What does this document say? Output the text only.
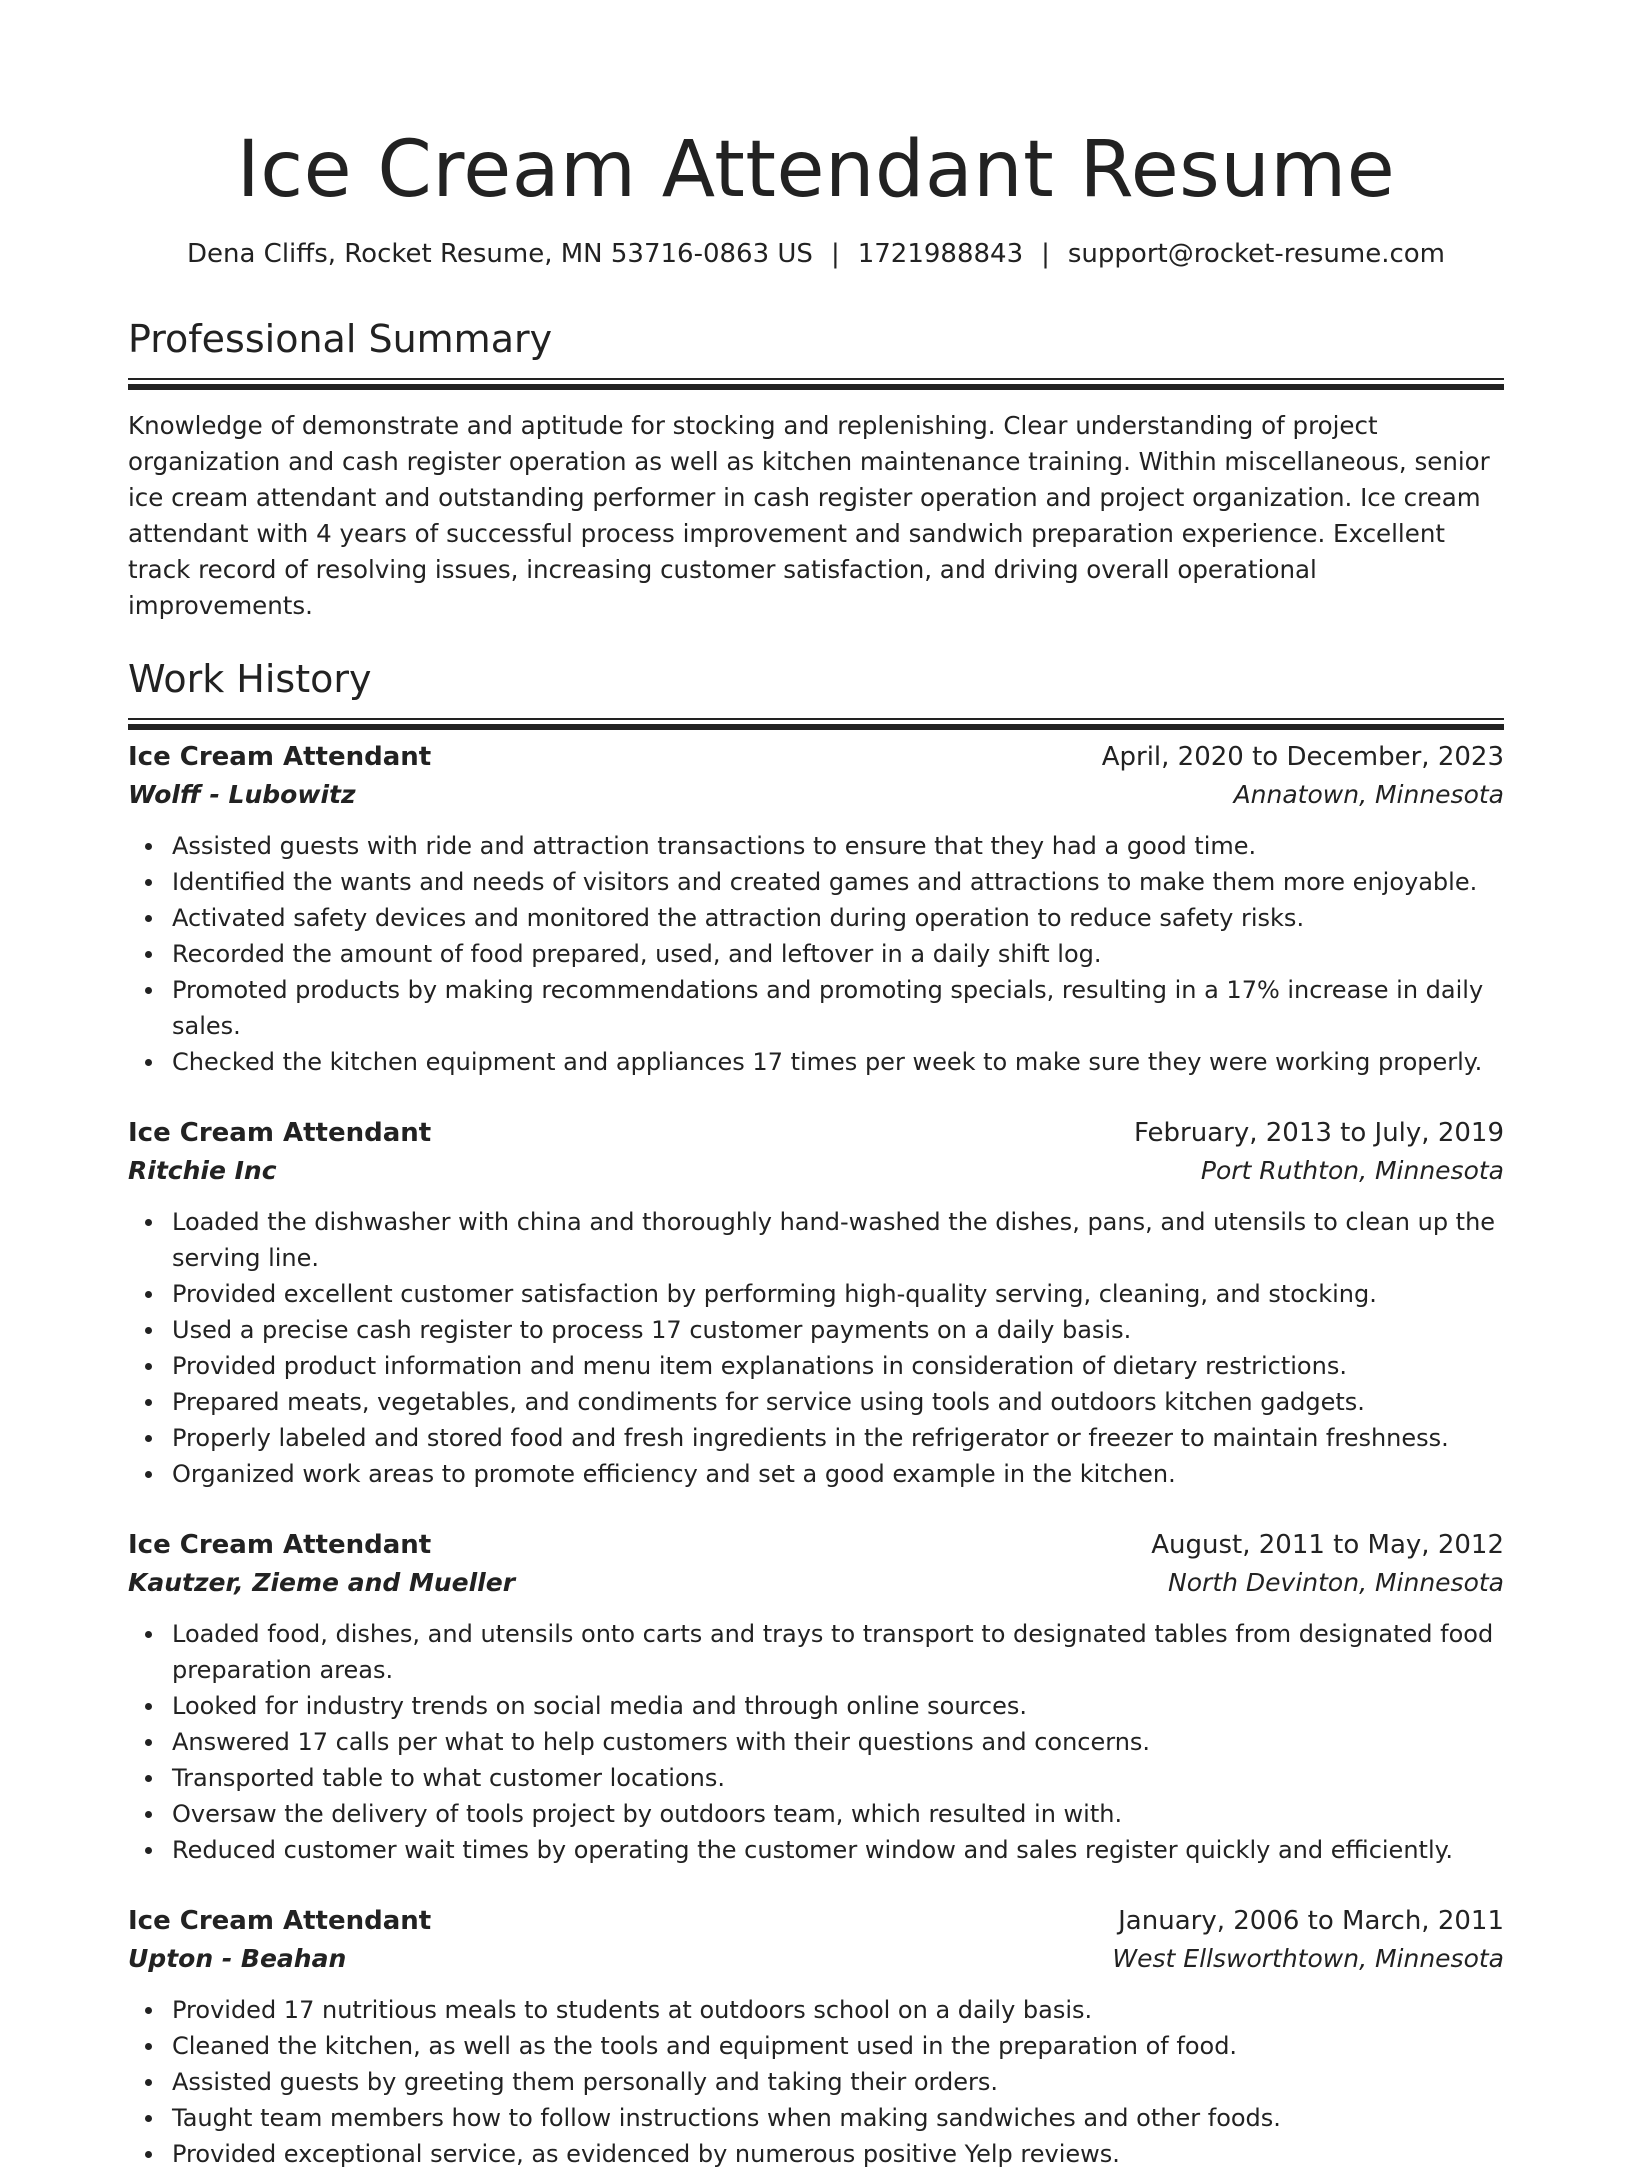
Ice Cream Attendant Resume
Dena Cliffs, Rocket Resume, MN 53716-0863 US | 1721988843 | support@rocket-resume.com
Professional Summary

Knowledge of demonstrate and aptitude for stocking and replenishing. Clear understanding of project organization and cash register operation as well as kitchen maintenance training. Within miscellaneous, senior ice cream attendant and outstanding performer in cash register operation and project organization. Ice cream attendant with 4 years of successful process improvement and sandwich preparation experience. Excellent track record of resolving issues, increasing customer satisfaction, and driving overall operational improvements.

Work History
Ice Cream Attendant	April, 2020 to December, 2023
Wolff - Lubowitz	Annatown, Minnesota
Assisted guests with ride and attraction transactions to ensure that they had a good time.
Identified the wants and needs of visitors and created games and attractions to make them more enjoyable.
Activated safety devices and monitored the attraction during operation to reduce safety risks.
Recorded the amount of food prepared, used, and leftover in a daily shift log.
Promoted products by making recommendations and promoting specials, resulting in a 17% increase in daily sales.
Checked the kitchen equipment and appliances 17 times per week to make sure they were working properly.
Ice Cream Attendant	February, 2013 to July, 2019
Ritchie Inc	Port Ruthton, Minnesota
Loaded the dishwasher with china and thoroughly hand-washed the dishes, pans, and utensils to clean up the serving line.
Provided excellent customer satisfaction by performing high-quality serving, cleaning, and stocking.
Used a precise cash register to process 17 customer payments on a daily basis.
Provided product information and menu item explanations in consideration of dietary restrictions.
Prepared meats, vegetables, and condiments for service using tools and outdoors kitchen gadgets.
Properly labeled and stored food and fresh ingredients in the refrigerator or freezer to maintain freshness.
Organized work areas to promote efficiency and set a good example in the kitchen.
Ice Cream Attendant	August, 2011 to May, 2012
Kautzer, Zieme and Mueller	North Devinton, Minnesota
Loaded food, dishes, and utensils onto carts and trays to transport to designated tables from designated food preparation areas.
Looked for industry trends on social media and through online sources.
Answered 17 calls per what to help customers with their questions and concerns.
Transported table to what customer locations.
Oversaw the delivery of tools project by outdoors team, which resulted in with.
Reduced customer wait times by operating the customer window and sales register quickly and efficiently.
Ice Cream Attendant	January, 2006 to March, 2011
Upton - Beahan	West Ellsworthtown, Minnesota
Provided 17 nutritious meals to students at outdoors school on a daily basis.
Cleaned the kitchen, as well as the tools and equipment used in the preparation of food.
Assisted guests by greeting them personally and taking their orders.
Taught team members how to follow instructions when making sandwiches and other foods.
Provided exceptional service, as evidenced by numerous positive Yelp reviews.
